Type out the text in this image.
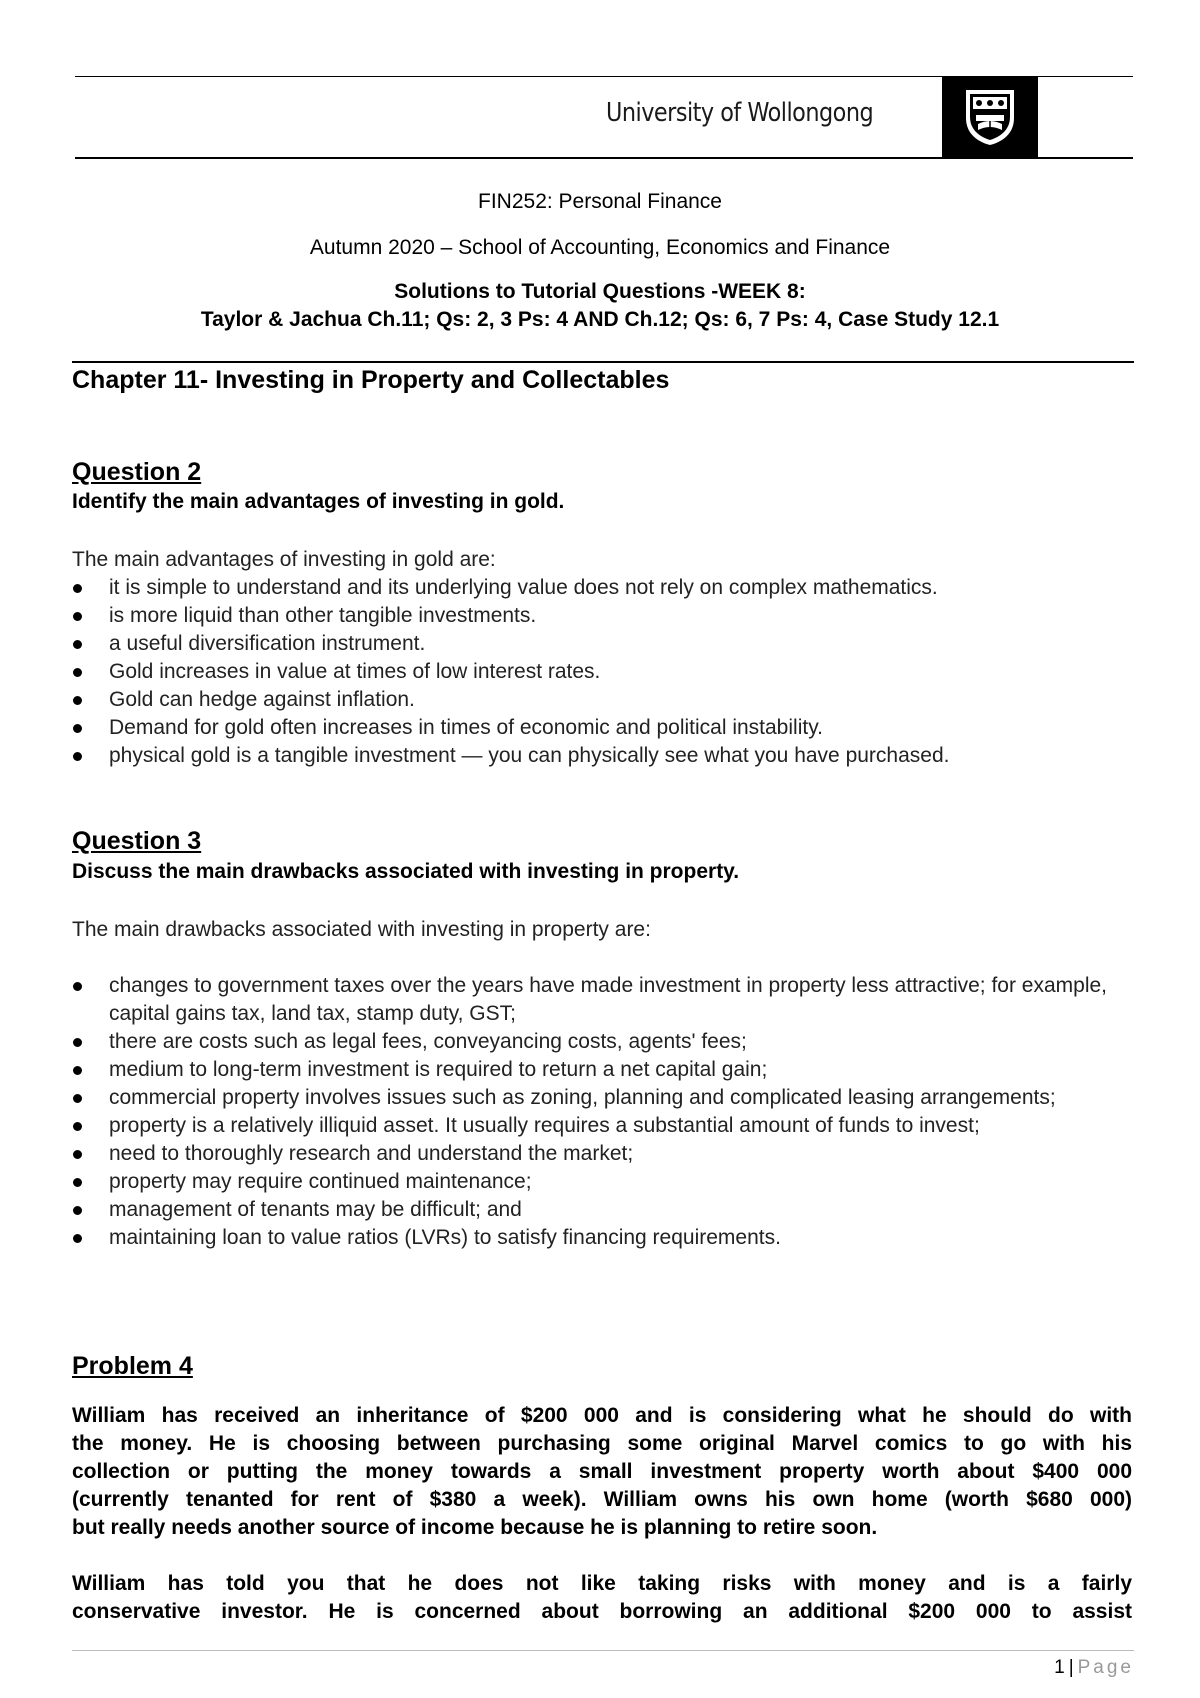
University of Wollongong
FIN252: Personal Finance
Autumn 2020 – School of Accounting, Economics and Finance
Solutions to Tutorial Questions -WEEK 8:
Taylor & Jachua Ch.11; Qs: 2, 3 Ps: 4 AND Ch.12; Qs: 6, 7 Ps: 4, Case Study 12.1
Chapter 11- Investing in Property and Collectables
Question 2
Identify the main advantages of investing in gold.
The main advantages of investing in gold are:
it is simple to understand and its underlying value does not rely on complex mathematics.
is more liquid than other tangible investments.
a useful diversification instrument.
Gold increases in value at times of low interest rates.
Gold can hedge against inflation.
Demand for gold often increases in times of economic and political instability.
physical gold is a tangible investment — you can physically see what you have purchased.
Question 3
Discuss the main drawbacks associated with investing in property.
The main drawbacks associated with investing in property are:
changes to government taxes over the years have made investment in property less attractive; for example, capital gains tax, land tax, stamp duty, GST;
there are costs such as legal fees, conveyancing costs, agents' fees;
medium to long-term investment is required to return a net capital gain;
commercial property involves issues such as zoning, planning and complicated leasing arrangements;
property is a relatively illiquid asset. It usually requires a substantial amount of funds to invest;
need to thoroughly research and understand the market;
property may require continued maintenance;
management of tenants may be difficult; and
maintaining loan to value ratios (LVRs) to satisfy financing requirements.
Problem 4
William has received an inheritance of $200 000 and is considering what he should do with
the money. He is choosing between purchasing some original Marvel comics to go with his
collection or putting the money towards a small investment property worth about $400 000
(currently tenanted for rent of $380 a week). William owns his own home (worth $680 000)
but really needs another source of income because he is planning to retire soon.
William has told you that he does not like taking risks with money and is a fairly
conservative investor. He is concerned about borrowing an additional $200 000 to assist
1 | Page
